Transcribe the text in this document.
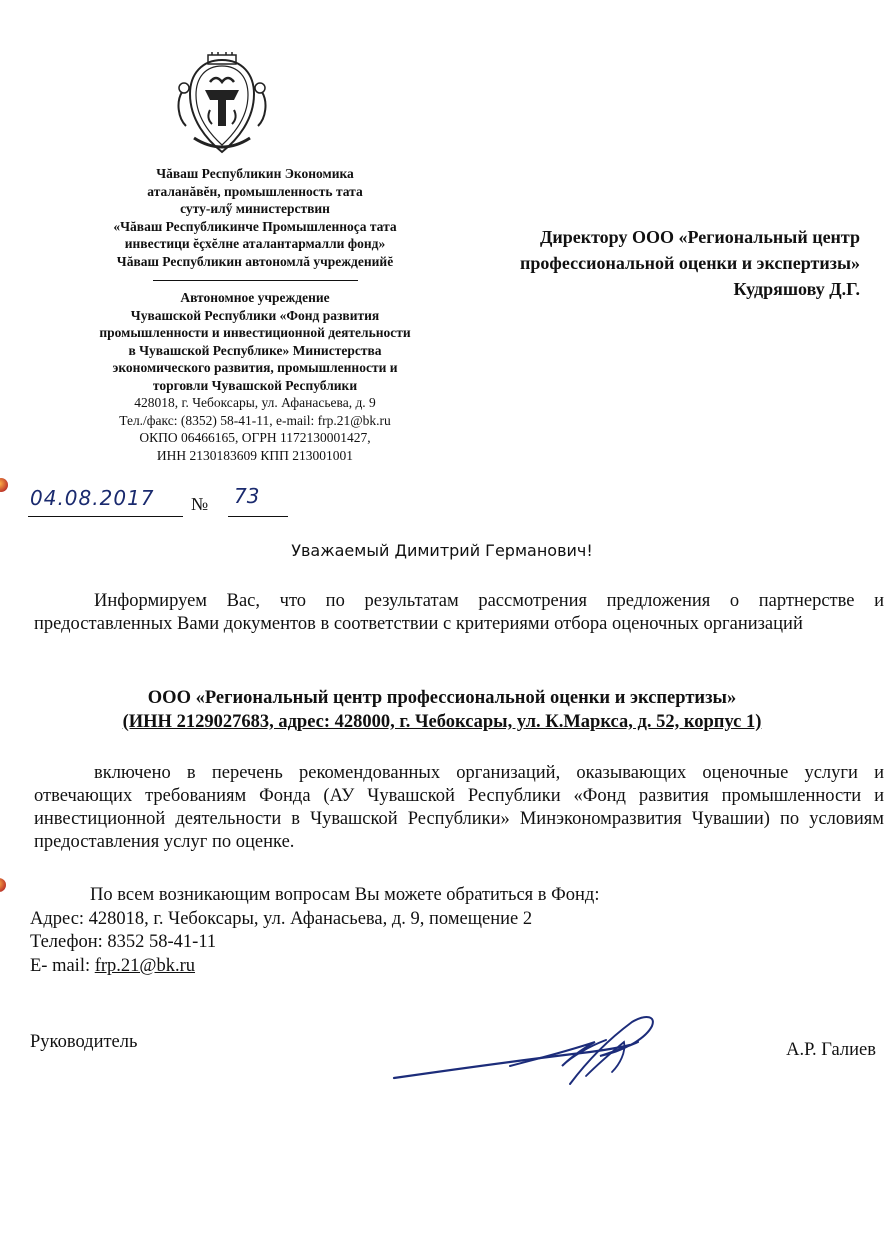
Чăваш Республикин Экономика
аталанăвĕн, промышленность тата
суту-илӳ министерствин
«Чăваш Республикинче Промышленноçа тата
инвестици ĕçхĕлне аталантармалли фонд»
Чăваш Республикин автономлă учрежденийĕ
Автономное учреждение
Чувашской Республики «Фонд развития
промышленности и инвестиционной деятельности
в Чувашской Республике» Министерства
экономического развития, промышленности и
торговли Чувашской Республики
428018, г. Чебоксары, ул. Афанасьева, д. 9
Тел./факс: (8352) 58-41-11, e-mail: frp.21@bk.ru
ОКПО 06466165, ОГРН 1172130001427,
ИНН 2130183609 КПП 213001001
Директору ООО «Региональный центр
профессиональной оценки и экспертизы»
Кудряшову Д.Г.
04.08.2017 № 73
Уважаемый Димитрий Германович!
Информируем Вас, что по результатам рассмотрения предложения о партнерстве и предоставленных Вами документов в соответствии с критериями отбора оценочных организаций
ООО «Региональный центр профессиональной оценки и экспертизы»
(ИНН 2129027683, адрес: 428000, г. Чебоксары, ул. К.Маркса, д. 52, корпус 1)
включено в перечень рекомендованных организаций, оказывающих оценочные услуги и отвечающих требованиям Фонда (АУ Чувашской Республики «Фонд развития промышленности и инвестиционной деятельности в Чувашской Республики» Минэкономразвития Чувашии) по условиям предоставления услуг по оценке.
По всем возникающим вопросам Вы можете обратиться в Фонд:
Адрес: 428018, г. Чебоксары, ул. Афанасьева, д. 9, помещение 2
Телефон: 8352 58-41-11
E- mail: frp.21@bk.ru
Руководитель	А.Р. Галиев
